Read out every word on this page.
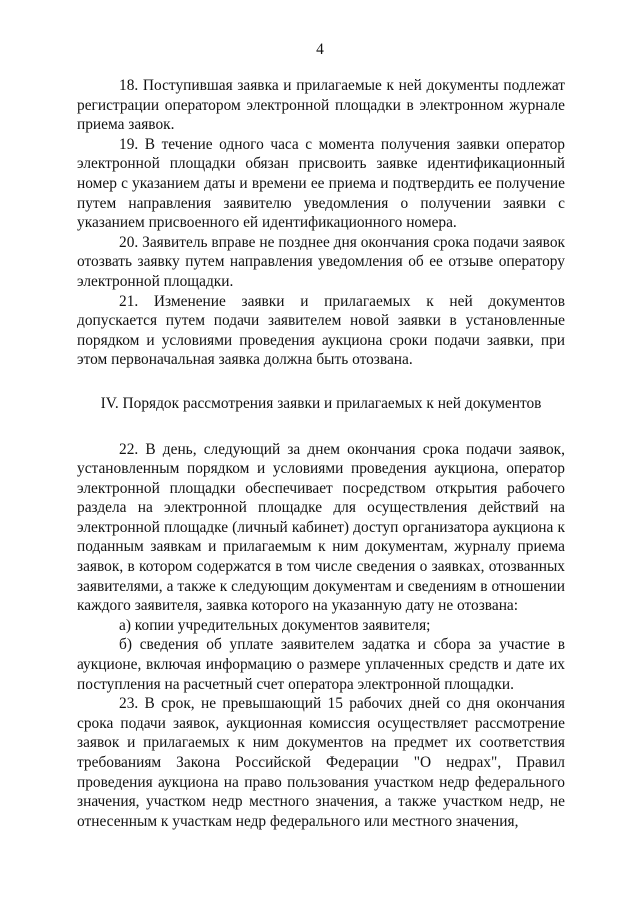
4

18. Поступившая заявка и прилагаемые к ней документы подлежат регистрации оператором электронной площадки в электронном журнале приема заявок.

19. В течение одного часа с момента получения заявки оператор электронной площадки обязан присвоить заявке идентификационный номер с указанием даты и времени ее приема и подтвердить ее получение путем направления заявителю уведомления о получении заявки с указанием присвоенного ей идентификационного номера.

20. Заявитель вправе не позднее дня окончания срока подачи заявок отозвать заявку путем направления уведомления об ее отзыве оператору электронной площадки.

21. Изменение заявки и прилагаемых к ней документов допускается путем подачи заявителем новой заявки в установленные порядком и условиями проведения аукциона сроки подачи заявки, при этом первоначальная заявка должна быть отозвана.

IV. Порядок рассмотрения заявки и прилагаемых к ней документов

22. В день, следующий за днем окончания срока подачи заявок, установленным порядком и условиями проведения аукциона, оператор электронной площадки обеспечивает посредством открытия рабочего раздела на электронной площадке для осуществления действий на электронной площадке (личный кабинет) доступ организатора аукциона к поданным заявкам и прилагаемым к ним документам, журналу приема заявок, в котором содержатся в том числе сведения о заявках, отозванных заявителями, а также к следующим документам и сведениям в отношении каждого заявителя, заявка которого на указанную дату не отозвана:

а) копии учредительных документов заявителя;

б) сведения об уплате заявителем задатка и сбора за участие в аукционе, включая информацию о размере уплаченных средств и дате их поступления на расчетный счет оператора электронной площадки.

23. В срок, не превышающий 15 рабочих дней со дня окончания срока подачи заявок, аукционная комиссия осуществляет рассмотрение заявок и прилагаемых к ним документов на предмет их соответствия требованиям Закона Российской Федерации "О недрах", Правил проведения аукциона на право пользования участком недр федерального значения, участком недр местного значения, а также участком недр, не отнесенным к участкам недр федерального или местного значения,
